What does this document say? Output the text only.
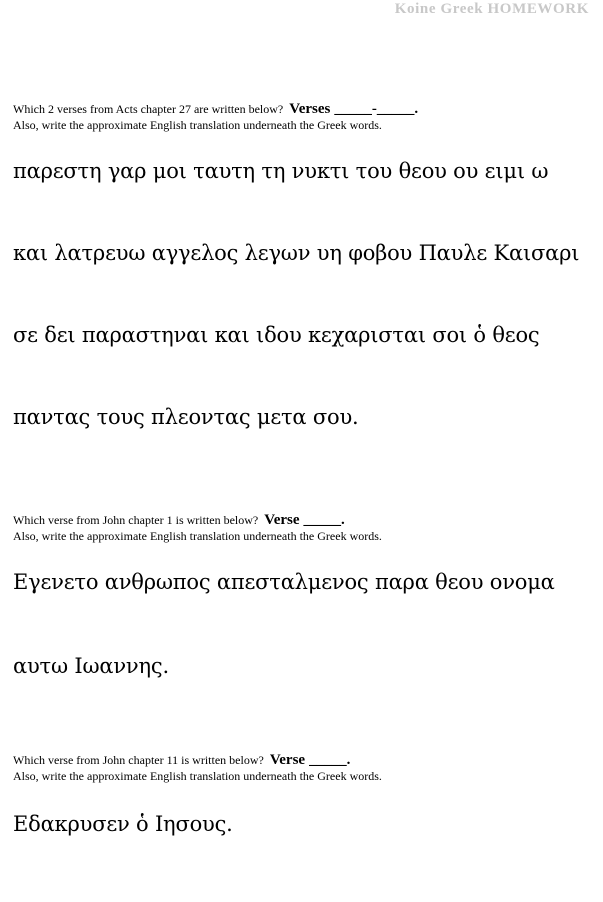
Koine Greek HOMEWORK
Which 2 verses from Acts chapter 27 are written below? Verses _____-_____.
Also, write the approximate English translation underneath the Greek words.
παρεστη γαρ μοι ταυτη τη νυκτι του θεου ου ειμι ω
και λατρευω αγγελος λεγων υη φοβου Παυλε Καισαρι
σε δει παραστηναι και ιδου κεχαρισται σοι ὁ θεος
παντας τους πλεοντας μετα σου.
Which verse from John chapter 1 is written below? Verse _____.
Also, write the approximate English translation underneath the Greek words.
Εγενετο ανθρωπος απεσταλμενος παρα θεου ονομα
αυτω Ιωαννης.
Which verse from John chapter 11 is written below? Verse _____.
Also, write the approximate English translation underneath the Greek words.
Εδακρυσεν ὁ Ιησους.
